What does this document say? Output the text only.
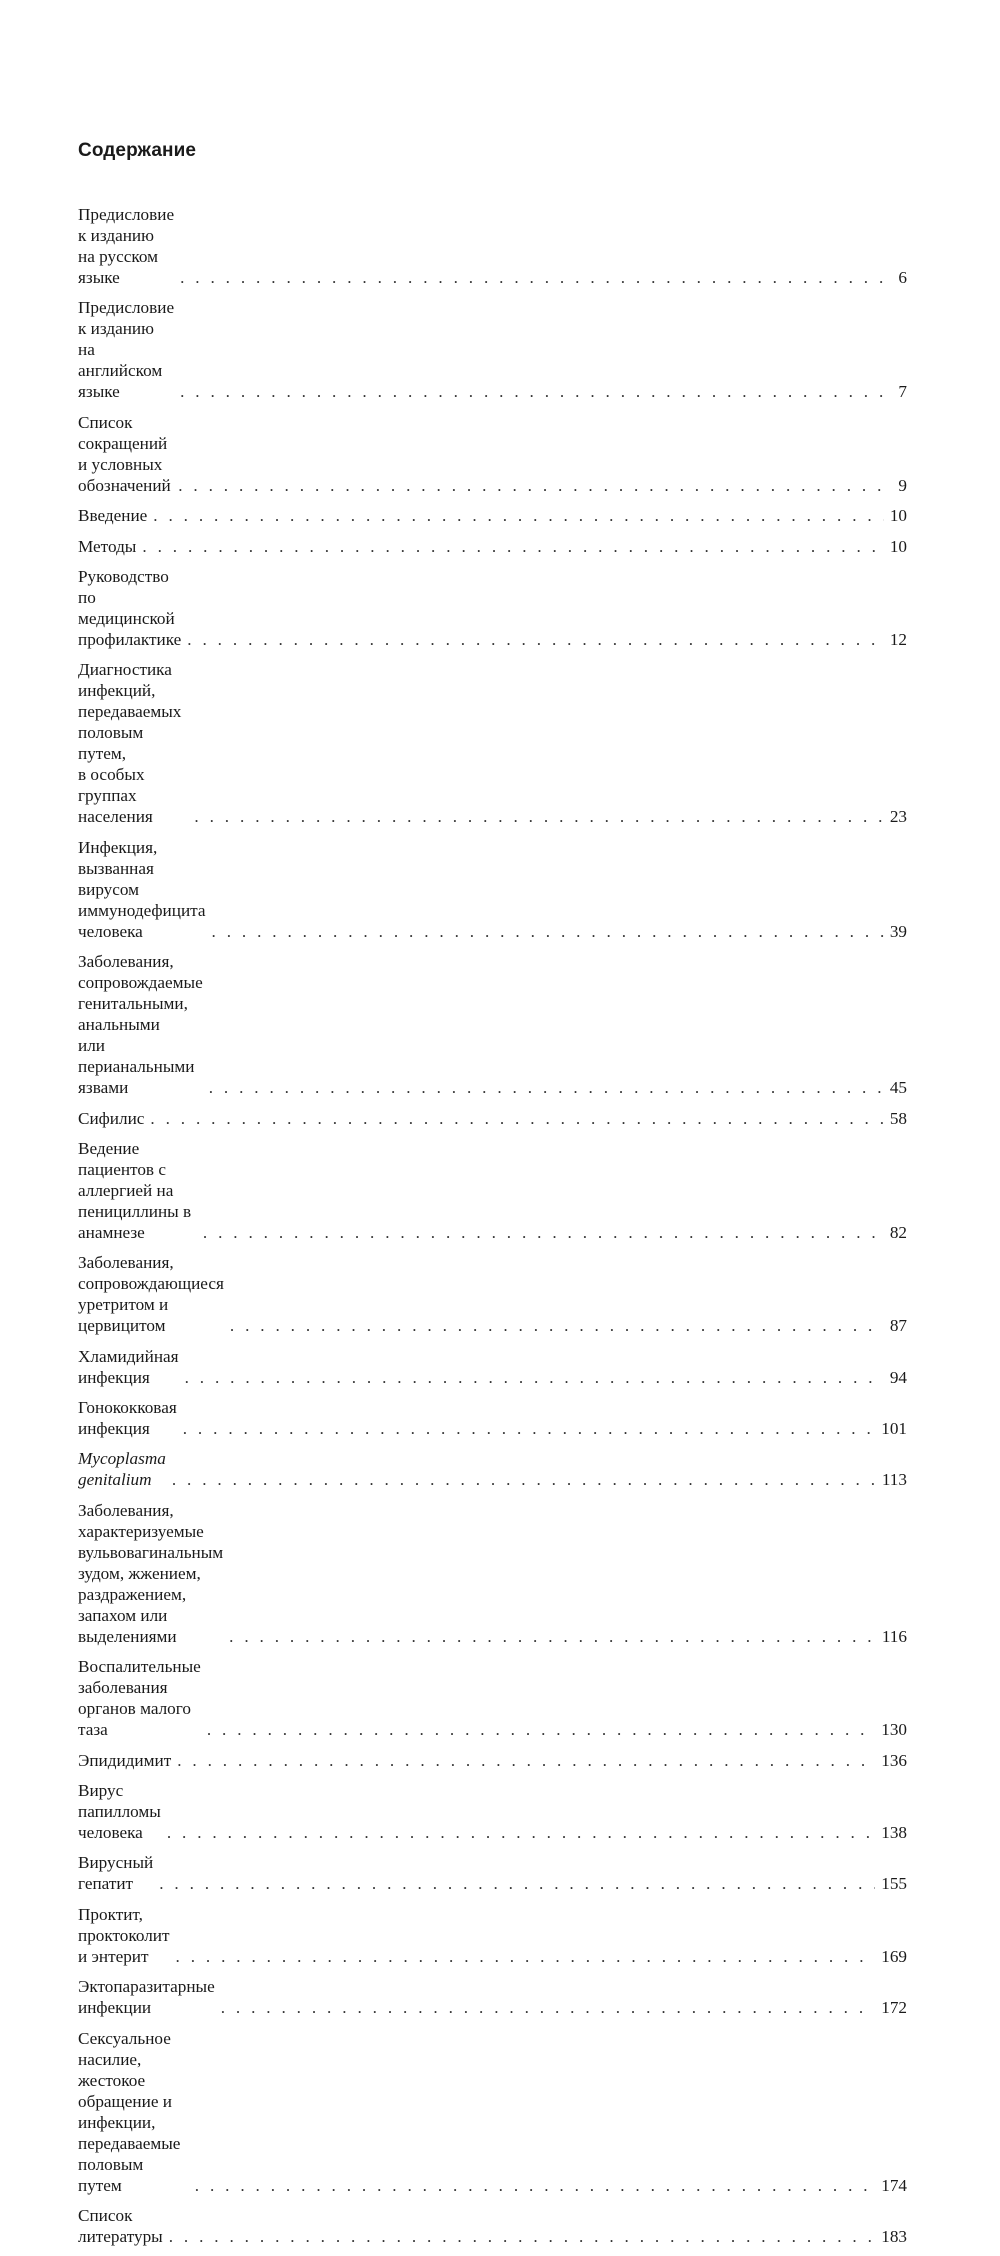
Содержание
Предисловие к изданию на русском языке . . .	6
Предисловие к изданию на английском языке . . .	7
Список сокращений и условных обозначений . . .	9
Введение . . .	10
Методы . . .	10
Руководство по медицинской профилактике . . .	12
Диагностика инфекций, передаваемых половым путем,
в особых группах населения . . .	23
Инфекция, вызванная вирусом иммунодефицита человека . . .	39
Заболевания, сопровождаемые генитальными, анальными
или перианальными язвами . . .	45
Сифилис . . .	58
Ведение пациентов с аллергией на пенициллины в анамнезе . . .	82
Заболевания, сопровождающиеся уретритом и цервицитом . . .	87
Хламидийная инфекция . . .	94
Гонококковая инфекция . . .	101
Mycoplasma genitalium . . .	113
Заболевания, характеризуемые вульвовагинальным зудом, жжением,
раздражением, запахом или выделениями . . .	116
Воспалительные заболевания органов малого таза . . .	130
Эпидидимит . . .	136
Вирус папилломы человека . . .	138
Вирусный гепатит . . .	155
Проктит, проктоколит и энтерит . . .	169
Эктопаразитарные инфекции . . .	172
Сексуальное насилие, жестокое обращение и инфекции,
передаваемые половым путем . . .	174
Список литературы . . .	183
